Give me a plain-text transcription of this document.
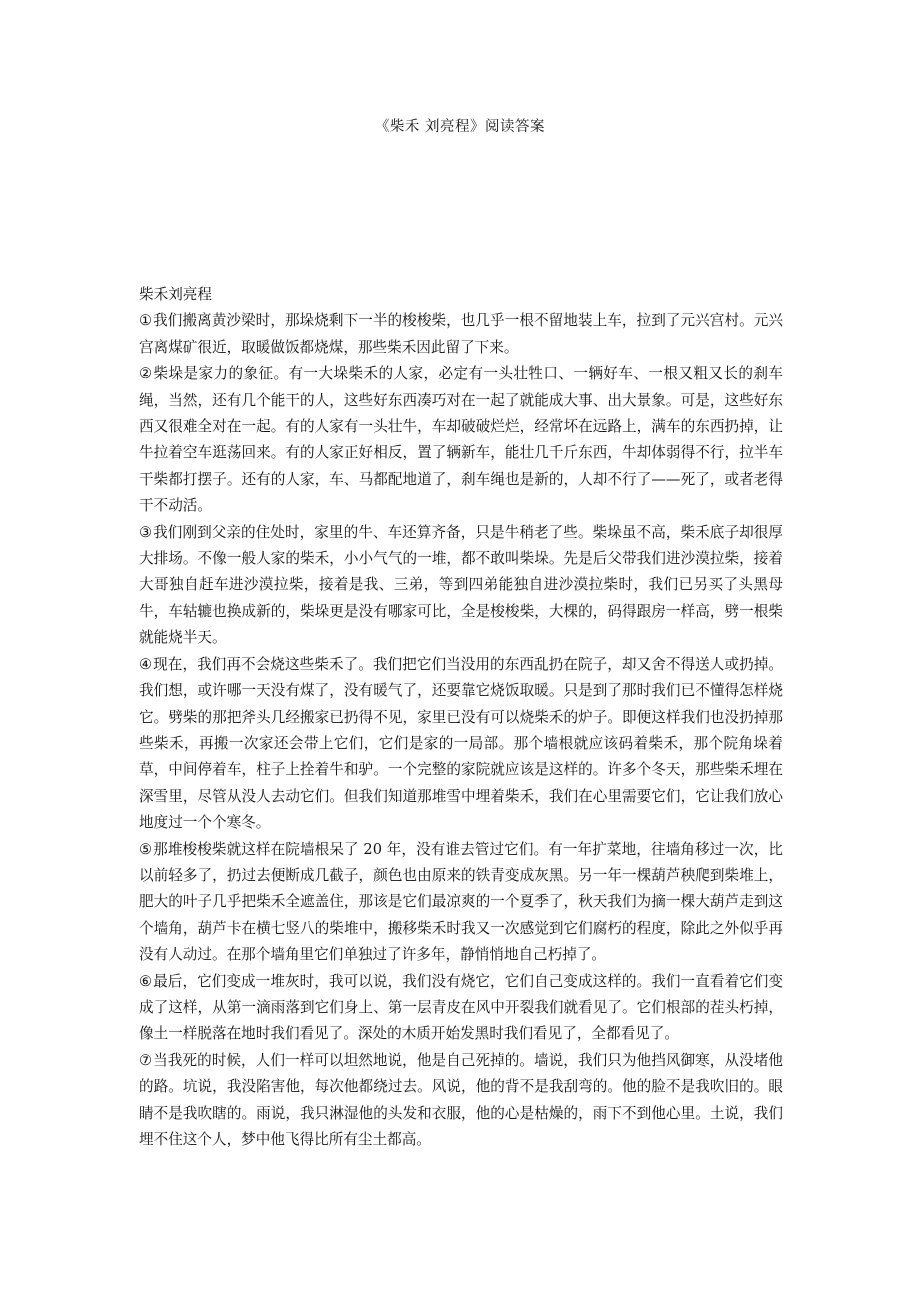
《柴禾 刘亮程》阅读答案

柴禾刘亮程

①我们搬离黄沙梁时，那垛烧剩下一半的梭梭柴，也几乎一根不留地装上车，拉到了元兴宫村。元兴宫离煤矿很近，取暖做饭都烧煤，那些柴禾因此留了下来。

②柴垛是家力的象征。有一大垛柴禾的人家，必定有一头壮牲口、一辆好车、一根又粗又长的刹车绳，当然，还有几个能干的人，这些好东西凑巧对在一起了就能成大事、出大景象。可是，这些好东西又很难全对在一起。有的人家有一头壮牛，车却破破烂烂，经常坏在远路上，满车的东西扔掉，让牛拉着空车逛荡回来。有的人家正好相反，置了辆新车，能壮几千斤东西，牛却体弱得不行，拉半车干柴都打摆子。还有的人家，车、马都配地道了，刹车绳也是新的，人却不行了——死了，或者老得干不动活。

③我们刚到父亲的住处时，家里的牛、车还算齐备，只是牛稍老了些。柴垛虽不高，柴禾底子却很厚大排场。不像一般人家的柴禾，小小气气的一堆，都不敢叫柴垛。先是后父带我们进沙漠拉柴，接着大哥独自赶车进沙漠拉柴，接着是我、三弟，等到四弟能独自进沙漠拉柴时，我们已另买了头黑母牛，车轱辘也换成新的，柴垛更是没有哪家可比，全是梭梭柴，大棵的，码得跟房一样高，劈一根柴就能烧半天。

④现在，我们再不会烧这些柴禾了。我们把它们当没用的东西乱扔在院子，却又舍不得送人或扔掉。我们想，或许哪一天没有煤了，没有暖气了，还要靠它烧饭取暖。只是到了那时我们已不懂得怎样烧它。劈柴的那把斧头几经搬家已扔得不见，家里已没有可以烧柴禾的炉子。即便这样我们也没扔掉那些柴禾，再搬一次家还会带上它们，它们是家的一局部。那个墙根就应该码着柴禾，那个院角垛着草，中间停着车，柱子上拴着牛和驴。一个完整的家院就应该是这样的。许多个冬天，那些柴禾埋在深雪里，尽管从没人去动它们。但我们知道那堆雪中埋着柴禾，我们在心里需要它们，它让我们放心地度过一个个寒冬。

⑤那堆梭梭柴就这样在院墙根呆了 20 年，没有谁去管过它们。有一年扩菜地，往墙角移过一次，比以前轻多了，扔过去便断成几截子，颜色也由原来的铁青变成灰黑。另一年一棵葫芦秧爬到柴堆上，肥大的叶子几乎把柴禾全遮盖住，那该是它们最凉爽的一个夏季了，秋天我们为摘一棵大葫芦走到这个墙角，葫芦卡在横七竖八的柴堆中，搬移柴禾时我又一次感觉到它们腐朽的程度，除此之外似乎再没有人动过。在那个墙角里它们单独过了许多年，静悄悄地自己朽掉了。

⑥最后，它们变成一堆灰时，我可以说，我们没有烧它，它们自己变成这样的。我们一直看着它们变成了这样，从第一滴雨落到它们身上、第一层青皮在风中开裂我们就看见了。它们根部的茬头朽掉，像土一样脱落在地时我们看见了。深处的木质开始发黑时我们看见了，全都看见了。

⑦当我死的时候，人们一样可以坦然地说，他是自己死掉的。墙说，我们只为他挡风御寒，从没堵他的路。坑说，我没陷害他，每次他都绕过去。风说，他的背不是我刮弯的。他的脸不是我吹旧的。眼睛不是我吹瞎的。雨说，我只淋湿他的头发和衣服，他的心是枯燥的，雨下不到他心里。土说，我们埋不住这个人，梦中他飞得比所有尘土都高。
